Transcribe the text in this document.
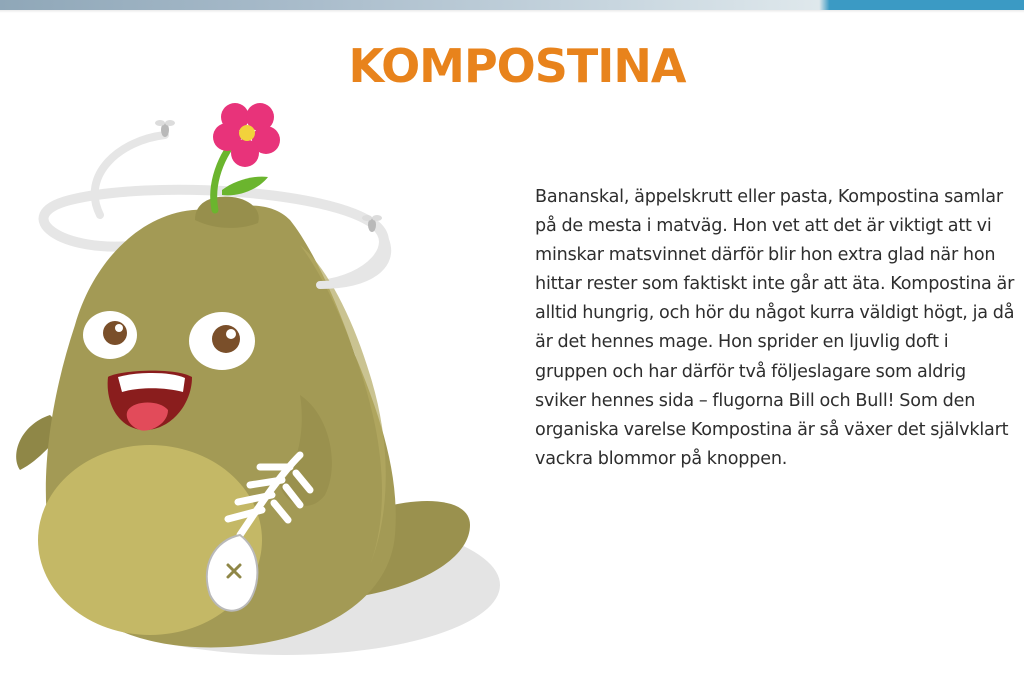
KOMPOSTINA

Bananskal, äppelskrutt eller pasta, Kompostina samlar på de mesta i matväg. Hon vet att det är viktigt att vi minskar matsvinnet därför blir hon extra glad när hon hittar rester som faktiskt inte går att äta. Kompostina är alltid hungrig, och hör du något kurra väldigt högt, ja då är det hennes mage. Hon sprider en ljuvlig doft i gruppen och har därför två följeslagare som aldrig sviker hennes sida – flugorna Bill och Bull! Som den organiska varelse Kompostina är så växer det självklart vackra blommor på knoppen.
